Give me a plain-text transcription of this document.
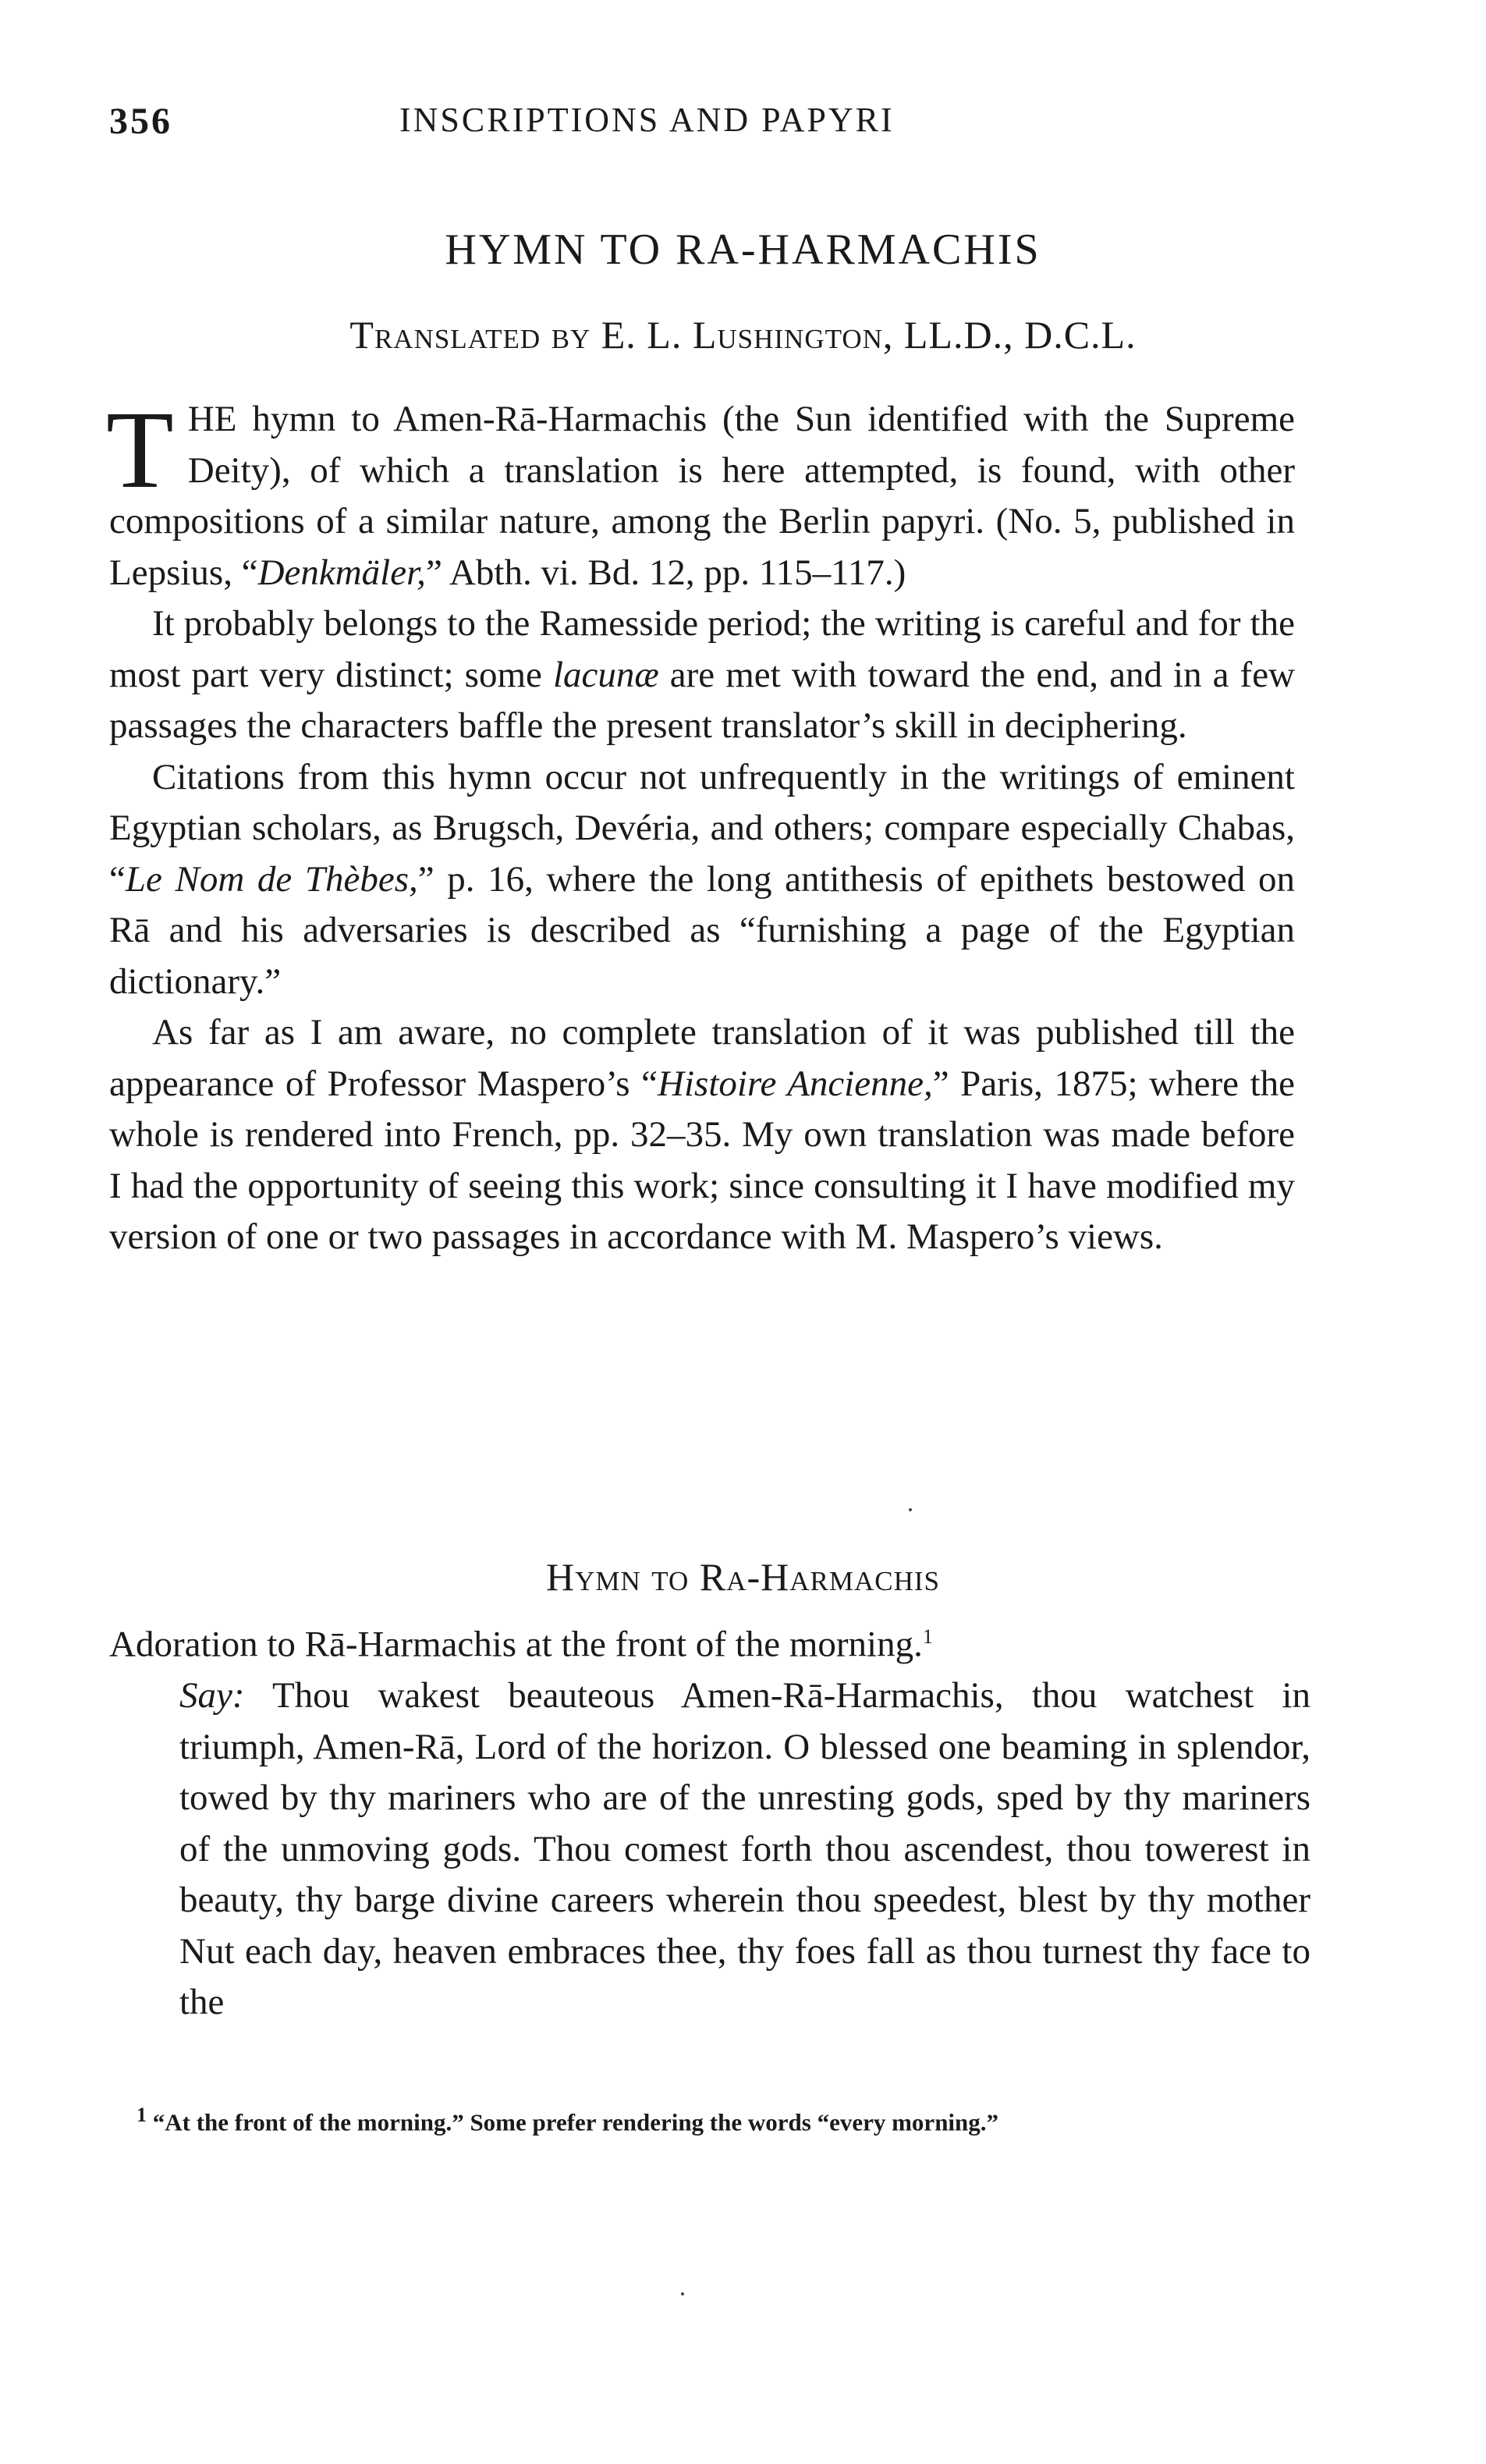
356	INSCRIPTIONS AND PAPYRI
HYMN TO RA-HARMACHIS
Translated by E. L. Lushington, LL.D., D.C.L.

THE hymn to Amen-Rā-Harmachis (the Sun identified with the Supreme Deity), of which a translation is here attempted, is found, with other compositions of a similar nature, among the Berlin papyri. (No. 5, published in Lepsius, “Denkmäler,” Abth. vi. Bd. 12, pp. 115–117.)

It probably belongs to the Ramesside period; the writing is careful and for the most part very distinct; some lacunæ are met with toward the end, and in a few passages the characters baffle the present translator’s skill in deciphering.

Citations from this hymn occur not unfrequently in the writings of eminent Egyptian scholars, as Brugsch, Devéria, and others; compare especially Chabas, “Le Nom de Thèbes,” p. 16, where the long antithesis of epithets bestowed on Rā and his adversaries is described as “furnishing a page of the Egyptian dictionary.”

As far as I am aware, no complete translation of it was published till the appearance of Professor Maspero’s “Histoire Ancienne,” Paris, 1875; where the whole is rendered into French, pp. 32–35. My own translation was made before I had the opportunity of seeing this work; since consulting it I have modified my version of one or two passages in accordance with M. Maspero’s views.

Hymn to Ra-Harmachis
Adoration to Rā-Harmachis at the front of the morning.$^1$
Say: Thou wakest beauteous Amen-Rā-Harmachis, thou watchest in triumph, Amen-Rā, Lord of the horizon. O blessed one beaming in splendor, towed by thy mariners who are of the unresting gods, sped by thy mariners of the unmoving gods. Thou comest forth thou ascendest, thou towerest in beauty, thy barge divine careers wherein thou speedest, blest by thy mother Nut each day, heaven embraces thee, thy foes fall as thou turnest thy face to the
$^1$ “At the front of the morning.” Some prefer rendering the words “every morning.”
